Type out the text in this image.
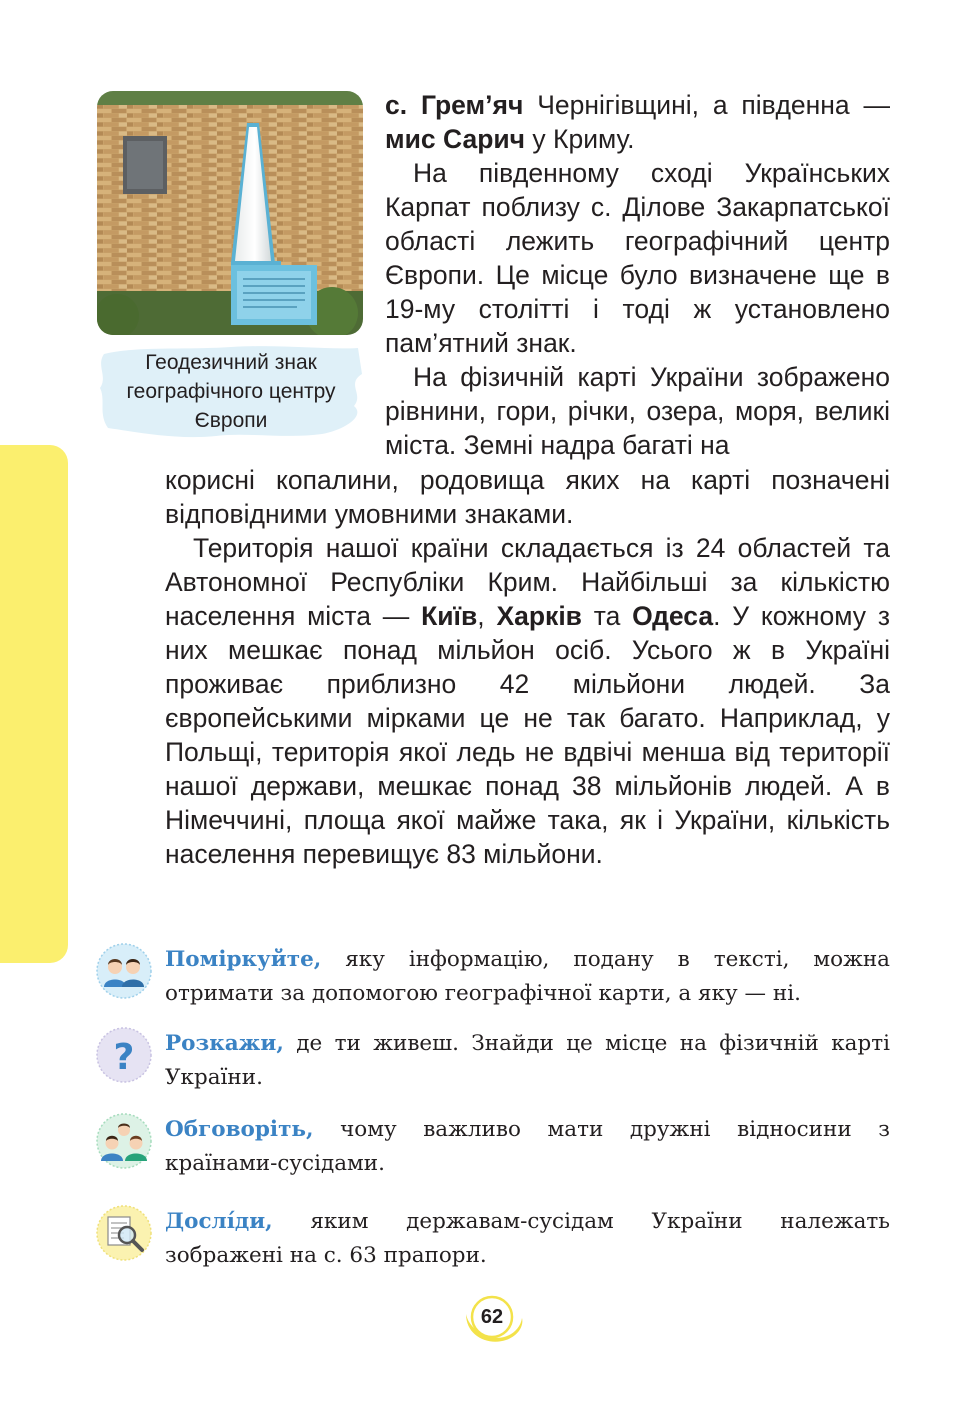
Геодезичний знак географічного центру Європи

с. Грем’яч Чернігівщині, а південна — мис Сарич у Криму.

На південному сході Українських Карпат поблизу с. Ділове Закарпатської області лежить географічний центр Європи. Це місце було визначене ще в 19-му столітті і тоді ж установлено пам’ятний знак.

На фізичній карті України зображено рівнини, гори, річки, озера, моря, великі міста. Земні надра багаті на

корисні копалини, родовища яких на карті позначені відповідними умовними знаками.

Територія нашої країни складається із 24 областей та Автономної Республіки Крим. Найбільші за кількістю населення міста — Київ, Харків та Одеса. У кожному з них мешкає понад мільйон осіб. Усього ж в Україні проживає приблизно 42 мільйони людей. За європейськими мірками це не так багато. Наприклад, у Польщі, територія якої ледь не вдвічі менша від території нашої держави, мешкає понад 38 мільйонів людей. А в Німеччині, площа якої майже така, як і України, кількість населення перевищує 83 мільйони.

Поміркуйте, яку інформацію, подану в тексті, можна отримати за допомогою географічної карти, а яку — ні.
? Розкажи, де ти живеш. Знайди це місце на фізичній карті України.
Обговоріть, чому важливо мати дружні відносини з країнами-сусідами.
Дослíди, яким державам-сусідам України належать зображені на с. 63 прапори.
62
